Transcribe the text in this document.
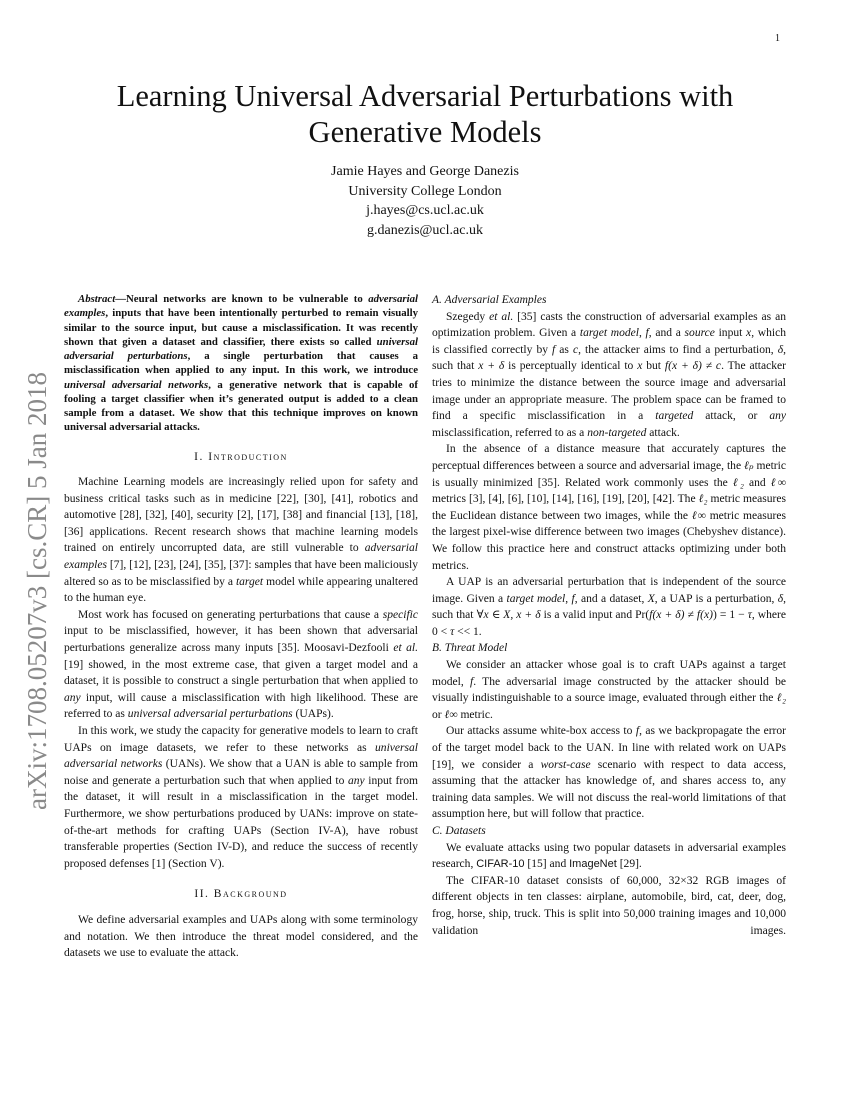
1
Learning Universal Adversarial Perturbations with
Generative Models
Jamie Hayes and George Danezis
University College London
j.hayes@cs.ucl.ac.uk
g.danezis@ucl.ac.uk
arXiv:1708.05207v3 [cs.CR] 5 Jan 2018

Abstract—Neural networks are known to be vulnerable to adversarial examples, inputs that have been intentionally perturbed to remain visually similar to the source input, but cause a misclassification. It was recently shown that given a dataset and classifier, there exists so called universal adversarial perturbations, a single perturbation that causes a misclassification when applied to any input. In this work, we introduce universal adversarial networks, a generative network that is capable of fooling a target classifier when it’s generated output is added to a clean sample from a dataset. We show that this technique improves on known universal adversarial attacks.

I. Introduction

Machine Learning models are increasingly relied upon for safety and business critical tasks such as in medicine [22], [30], [41], robotics and automotive [28], [32], [40], security [2], [17], [38] and financial [13], [18], [36] applications. Recent research shows that machine learning models trained on entirely uncorrupted data, are still vulnerable to adversarial examples [7], [12], [23], [24], [35], [37]: samples that have been maliciously altered so as to be misclassified by a target model while appearing unaltered to the human eye.

Most work has focused on generating perturbations that cause a specific input to be misclassified, however, it has been shown that adversarial perturbations generalize across many inputs [35]. Moosavi-Dezfooli et al. [19] showed, in the most extreme case, that given a target model and a dataset, it is possible to construct a single perturbation that when applied to any input, will cause a misclassification with high likelihood. These are referred to as universal adversarial perturbations (UAPs).

In this work, we study the capacity for generative models to learn to craft UAPs on image datasets, we refer to these networks as universal adversarial networks (UANs). We show that a UAN is able to sample from noise and generate a perturbation such that when applied to any input from the dataset, it will result in a misclassification in the target model. Furthermore, we show perturbations produced by UANs: improve on state-of-the-art methods for crafting UAPs (Section IV-A), have robust transferable properties (Section IV-D), and reduce the success of recently proposed defenses [1] (Section V).

II. Background

We define adversarial examples and UAPs along with some terminology and notation. We then introduce the threat model considered, and the datasets we use to evaluate the attack.

A. Adversarial Examples

Szegedy et al. [35] casts the construction of adversarial examples as an optimization problem. Given a target model, f, and a source input x, which is classified correctly by f as c, the attacker aims to find a perturbation, δ, such that x + δ is perceptually identical to x but f(x + δ) ≠ c. The attacker tries to minimize the distance between the source image and adversarial image under an appropriate measure. The problem space can be framed to find a specific misclassification in a targeted attack, or any misclassification, referred to as a non-targeted attack.

In the absence of a distance measure that accurately captures the perceptual differences between a source and adversarial image, the ℓₚ metric is usually minimized [35]. Related work commonly uses the ℓ₂ and ℓ∞ metrics [3], [4], [6], [10], [14], [16], [19], [20], [42]. The ℓ₂ metric measures the Euclidean distance between two images, while the ℓ∞ metric measures the largest pixel-wise difference between two images (Chebyshev distance). We follow this practice here and construct attacks optimizing under both metrics.

A UAP is an adversarial perturbation that is independent of the source image. Given a target model, f, and a dataset, X, a UAP is a perturbation, δ, such that ∀x ∈ X, x + δ is a valid input and Pr(f(x + δ) ≠ f(x)) = 1 − τ, where 0 < τ << 1.

B. Threat Model

We consider an attacker whose goal is to craft UAPs against a target model, f. The adversarial image constructed by the attacker should be visually indistinguishable to a source image, evaluated through either the ℓ₂ or ℓ∞ metric.

Our attacks assume white-box access to f, as we backpropagate the error of the target model back to the UAN. In line with related work on UAPs [19], we consider a worst-case scenario with respect to data access, assuming that the attacker has knowledge of, and shares access to, any training data samples. We will not discuss the real-world limitations of that assumption here, but will follow that practice.

C. Datasets

We evaluate attacks using two popular datasets in adversarial examples research, CIFAR-10 [15] and ImageNet [29].

The CIFAR-10 dataset consists of 60,000, 32×32 RGB images of different objects in ten classes: airplane, automobile, bird, cat, deer, dog, frog, horse, ship, truck. This is split into 50,000 training images and 10,000 validation images.
